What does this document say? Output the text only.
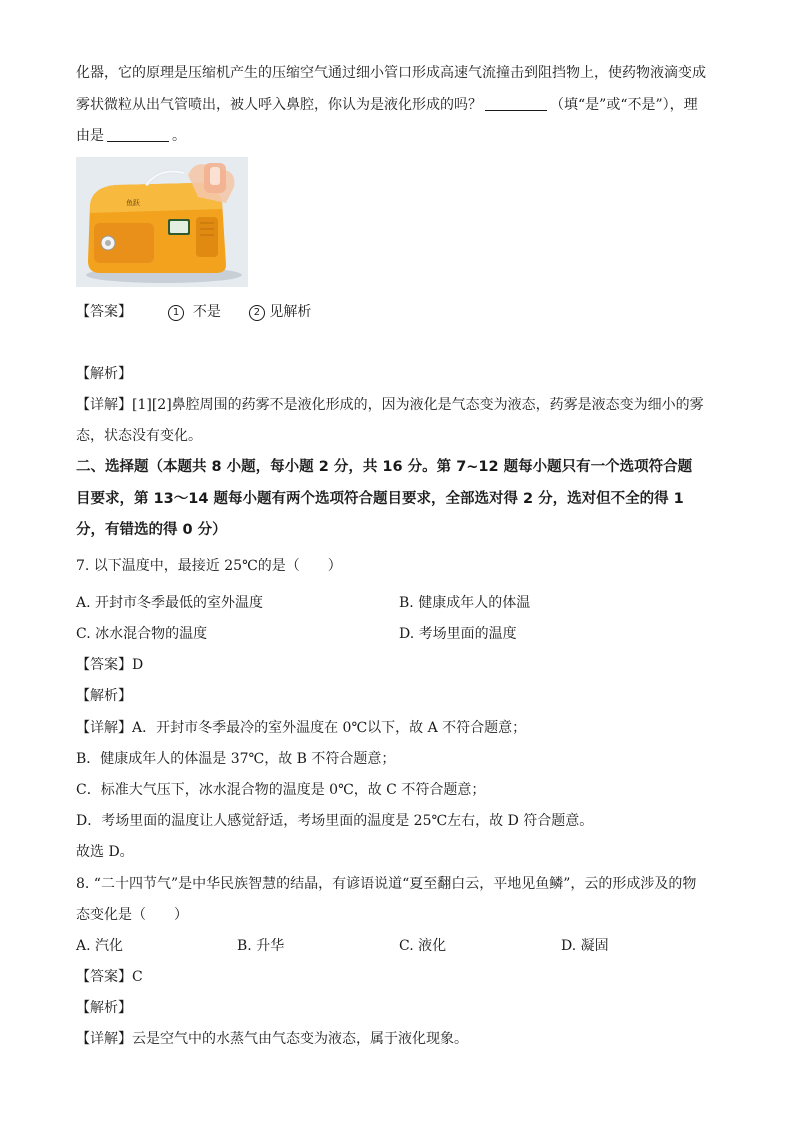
化器，它的原理是压缩机产生的压缩空气通过细小管口形成高速气流撞击到阻挡物上，使药物液滴变成
雾状微粒从出气管喷出，被人呼入鼻腔，你认为是液化形成的吗？	（填“是”或“不是”），理
由是	。
鱼跃
【答案】	1 不是	2 见解析
【解析】
【详解】[1][2]鼻腔周围的药雾不是液化形成的，因为液化是气态变为液态，药雾是液态变为细小的雾
态，状态没有变化。
二、选择题（本题共 8 小题，每小题 2 分，共 16 分。第 7~12 题每小题只有一个选项符合题
目要求，第 13～14 题每小题有两个选项符合题目要求，全部选对得 2 分，选对但不全的得 1
分，有错选的得 0 分）
7. 以下温度中，最接近 25℃的是（　　）
A. 开封市冬季最低的室外温度	B. 健康成年人的体温
C. 冰水混合物的温度	D. 考场里面的温度
【答案】D
【解析】
【详解】A．开封市冬季最冷的室外温度在 0℃以下，故 A 不符合题意；
B．健康成年人的体温是 37℃，故 B 不符合题意；
C．标准大气压下，冰水混合物的温度是 0℃，故 C 不符合题意；
D．考场里面的温度让人感觉舒适，考场里面的温度是 25℃左右，故 D 符合题意。
故选 D。
8. “二十四节气”是中华民族智慧的结晶，有谚语说道“夏至翻白云，平地见鱼鳞”，云的形成涉及的物
态变化是（　　）
A. 汽化	B. 升华	C. 液化	D. 凝固
【答案】C
【解析】
【详解】云是空气中的水蒸气由气态变为液态，属于液化现象。
